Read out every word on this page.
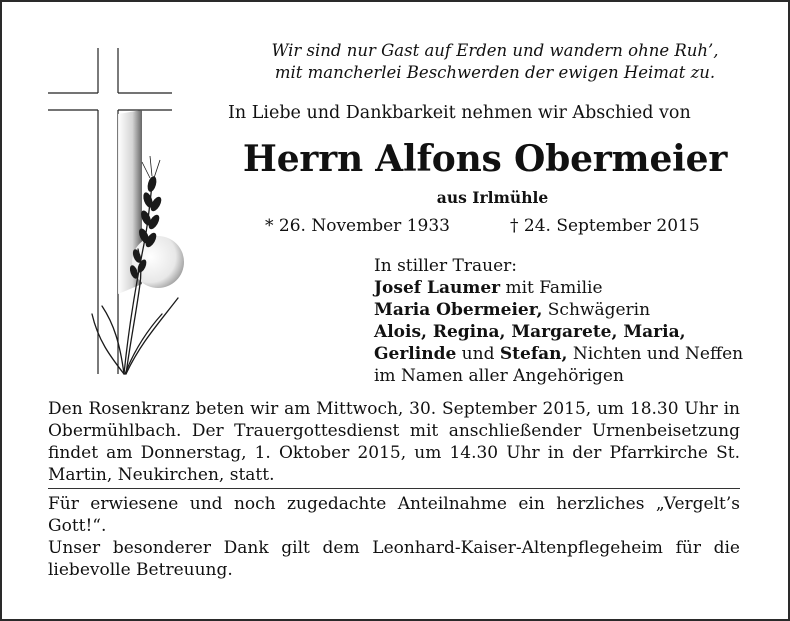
Wir sind nur Gast auf Erden und wandern ohne Ruh’,
mit mancherlei Beschwerden der ewigen Heimat zu.
In Liebe und Dankbarkeit nehmen wir Abschied von
Herrn Alfons Obermeier
aus Irlmühle
* 26. November 1933	† 24. September 2015
In stiller Trauer:
Josef Laumer mit Familie
Maria Obermeier, Schwägerin
Alois, Regina, Margarete, Maria,
Gerlinde und Stefan, Nichten und Neffen
im Namen aller Angehörigen
Den Rosenkranz beten wir am Mittwoch, 30. September 2015, um 18.30 Uhr in
Obermühlbach. Der Trauergottesdienst mit anschließender Urnenbeisetzung
findet am Donnerstag, 1. Oktober 2015, um 14.30 Uhr in der Pfarrkirche St.
Martin, Neukirchen, statt.
Für erwiesene und noch zugedachte Anteilnahme ein herzliches „Vergelt’s
Gott!“.
Unser besonderer Dank gilt dem Leonhard-Kaiser-Altenpflegeheim für die
liebevolle Betreuung.
